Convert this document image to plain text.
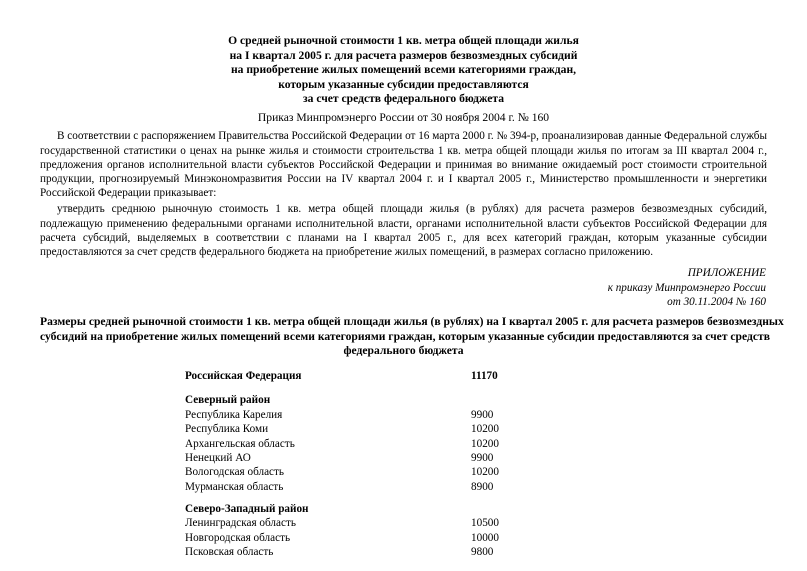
О средней рыночной стоимости 1 кв. метра общей площади жилья
на I квартал 2005 г. для расчета размеров безвозмездных субсидий
на приобретение жилых помещений всеми категориями граждан,
которым указанные субсидии предоставляются
за счет средств федерального бюджета
Приказ Минпромэнерго России от 30 ноября 2004 г. № 160

В соответствии с распоряжением Правительства Российской Федерации от 16 марта 2000 г. № 394-р, проанализировав данные Федеральной службы государственной статистики о ценах на рынке жилья и стоимости строительства 1 кв. метра общей площади жилья по итогам за III квартал 2004 г., предложения органов исполнительной власти субъектов Российской Федерации и принимая во внимание ожидаемый рост стоимости строительной продукции, прогнозируемый Минэкономразвития России на IV квартал 2004 г. и I квартал 2005 г., Министерство промышленности и энергетики Российской Федерации приказывает:

утвердить среднюю рыночную стоимость 1 кв. метра общей площади жилья (в рублях) для расчета размеров безвозмездных субсидий, подлежащую применению федеральными органами исполнительной власти, органами исполнительной власти субъектов Российской Федерации для расчета субсидий, выделяемых в соответствии с планами на I квартал 2005 г., для всех категорий граждан, которым указанные субсидии предоставляются за счет средств федерального бюджета на приобретение жилых помещений, в размерах согласно приложению.

ПРИЛОЖЕНИЕ
к приказу Минпромэнерго России
от 30.11.2004 № 160
Размеры средней рыночной стоимости 1 кв. метра общей площади жилья (в рублях) на I квартал 2005 г. для расчета размеров безвозмездных
субсидий на приобретение жилых помещений всеми категориями граждан, которым указанные субсидии предоставляются за счет средств
федерального бюджета
Российская Федерация	11170
Северный район
Республика Карелия	9900
Республика Коми	10200
Архангельская область	10200
Ненецкий АО	9900
Вологодская область	10200
Мурманская область	8900
Северо-Западный район
Ленинградская область	10500
Новгородская область	10000
Псковская область	9800
